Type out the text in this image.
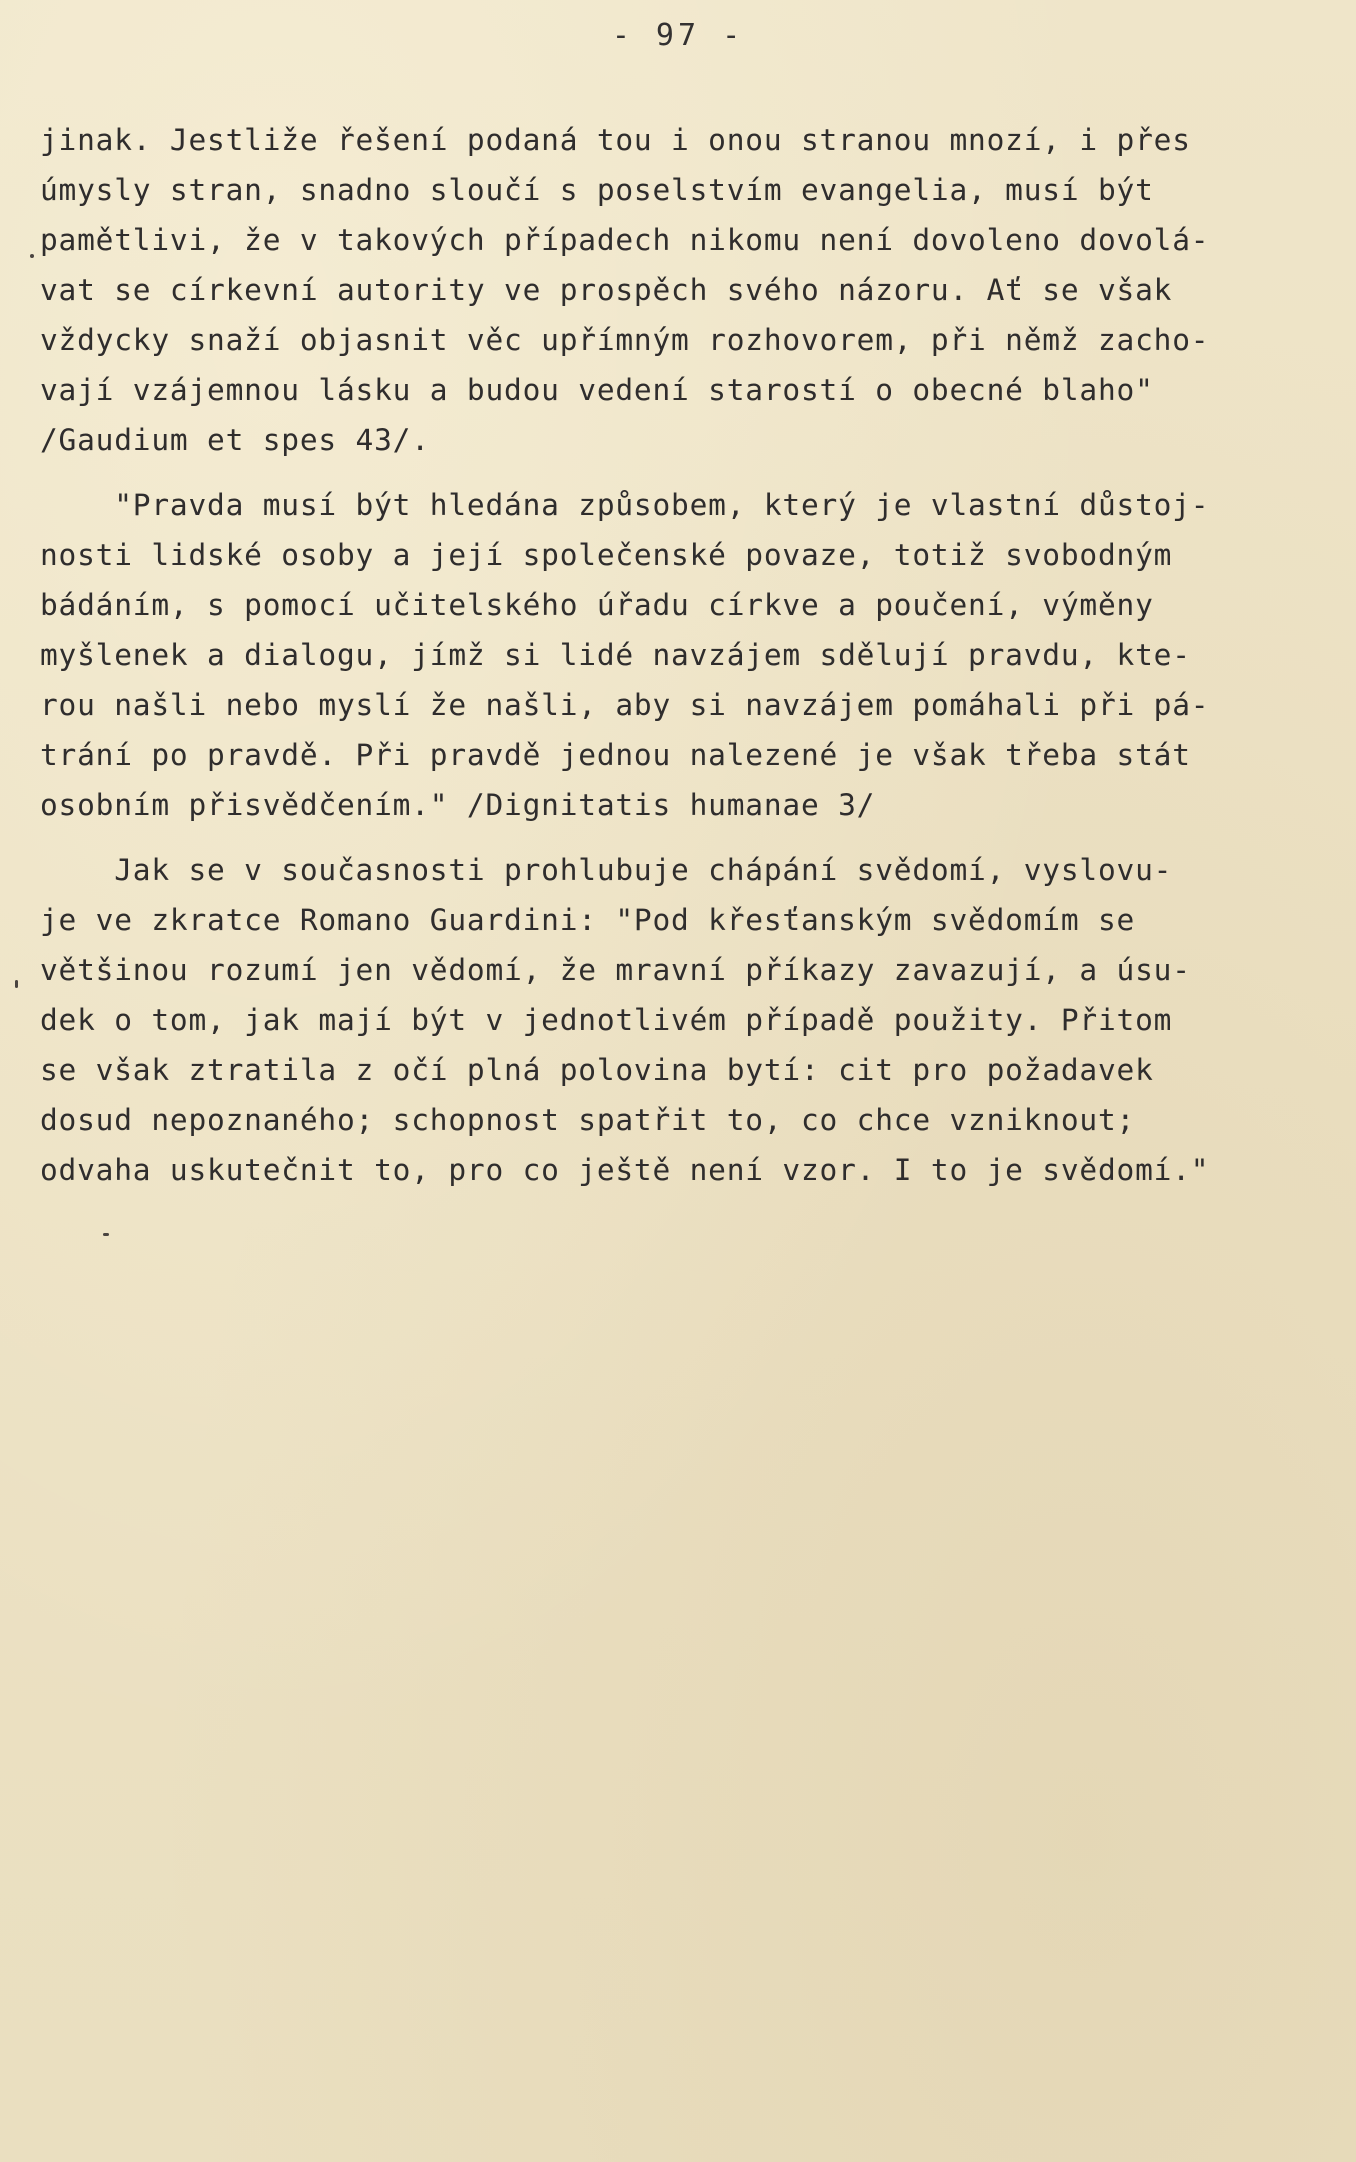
- 97 -

jinak. Jestliže řešení podaná tou i onou stranou mnozí, i přes

úmysly stran, snadno sloučí s poselstvím evangelia, musí být

pamětlivi, že v takových případech nikomu není dovoleno dovolá-

vat se církevní autority ve prospěch svého názoru. Ať se však

vždycky snaží objasnit věc upřímným rozhovorem, při němž zacho-

vají vzájemnou lásku a budou vedení starostí o obecné blaho"

/Gaudium et spes 43/.

"Pravda musí být hledána způsobem, který je vlastní důstoj-

nosti lidské osoby a její společenské povaze, totiž svobodným

bádáním, s pomocí učitelského úřadu církve a poučení, výměny

myšlenek a dialogu, jímž si lidé navzájem sdělují pravdu, kte-

rou našli nebo myslí že našli, aby si navzájem pomáhali při pá-

trání po pravdě. Při pravdě jednou nalezené je však třeba stát

osobním přisvědčením." /Dignitatis humanae 3/

Jak se v současnosti prohlubuje chápání svědomí, vyslovu-

je ve zkratce Romano Guardini: "Pod křesťanským svědomím se

většinou rozumí jen vědomí, že mravní příkazy zavazují, a úsu-

dek o tom, jak mají být v jednotlivém případě použity. Přitom

se však ztratila z očí plná polovina bytí: cit pro požadavek

dosud nepoznaného; schopnost spatřit to, co chce vzniknout;

odvaha uskutečnit to, pro co ještě není vzor. I to je svědomí."
